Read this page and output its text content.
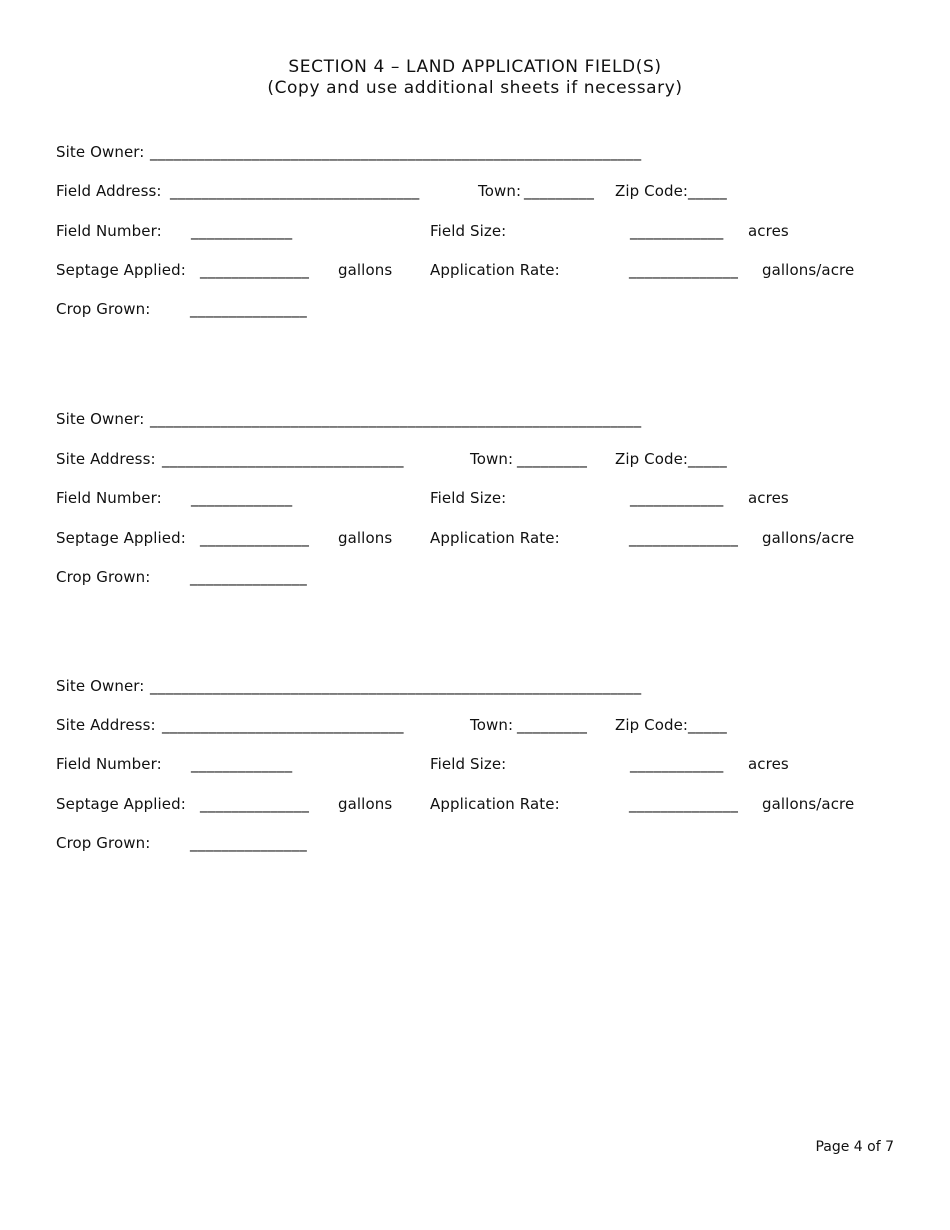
SECTION 4 – LAND APPLICATION FIELD(S)
(Copy and use additional sheets if necessary)
Site Owner: _______________________________________________________________
Field Address: ________________________________	Town: _________ Zip Code: _____
Field Number: _____________	Field Size:	____________ acres
Septage Applied: ______________ gallons	Application Rate:	______________ gallons/acre
Crop Grown:	_______________
Site Owner: _______________________________________________________________
Site Address: _______________________________	Town: _________ Zip Code: _____
Field Number: _____________	Field Size:	____________ acres
Septage Applied: ______________ gallons	Application Rate:	______________ gallons/acre
Crop Grown:	_______________
Site Owner: _______________________________________________________________
Site Address: _______________________________	Town: _________ Zip Code: _____
Field Number: _____________	Field Size:	____________ acres
Septage Applied: ______________ gallons	Application Rate:	______________ gallons/acre
Crop Grown:	_______________
Page 4 of 7
